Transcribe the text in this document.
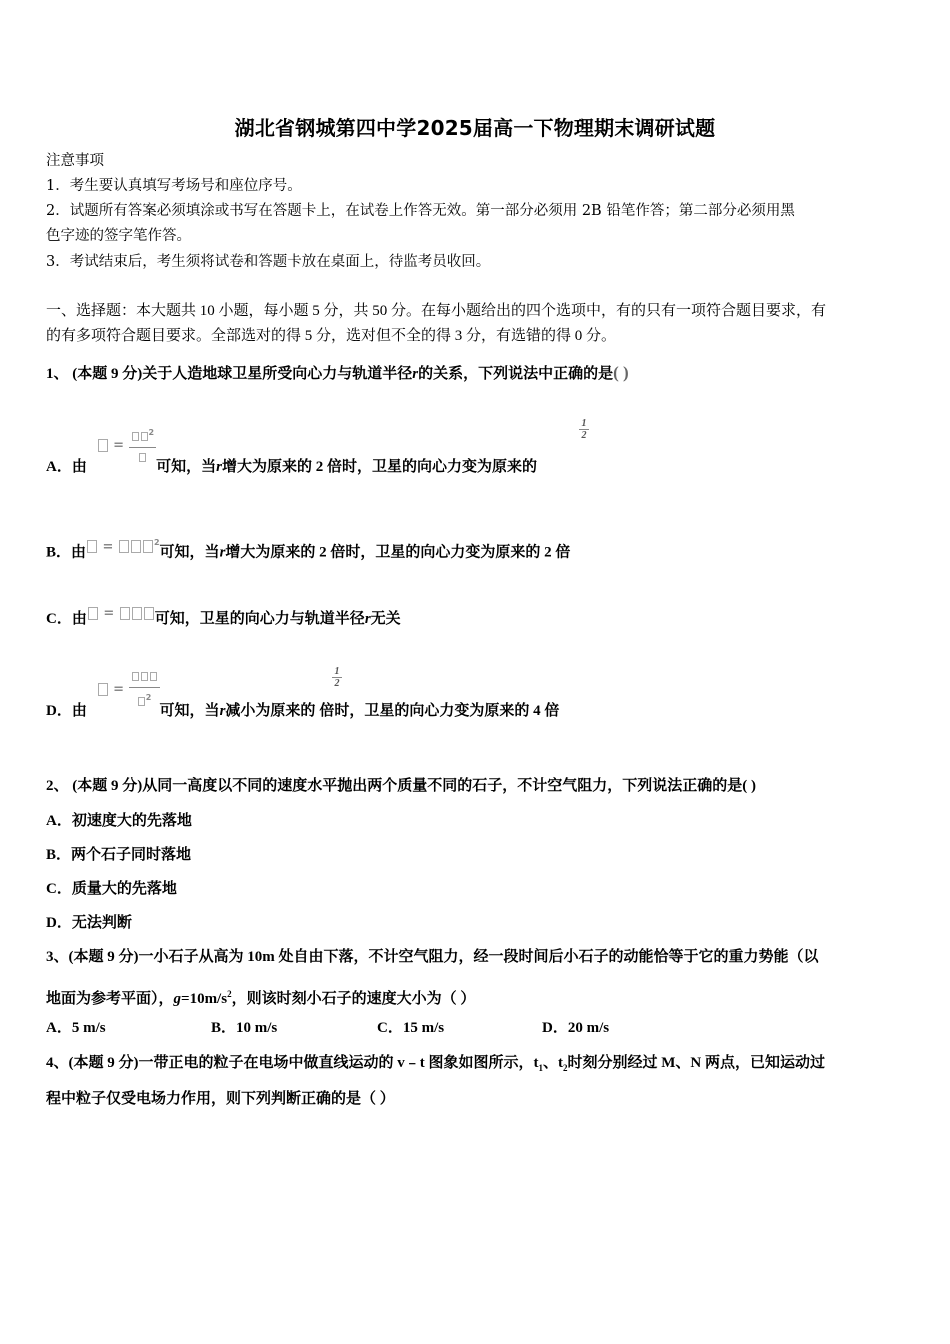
湖北省钢城第四中学2025届高一下物理期末调研试题
注意事项
1．考生要认真填写考场号和座位序号。
2．试题所有答案必须填涂或书写在答题卡上，在试卷上作答无效。第一部分必须用 2B 铅笔作答；第二部分必须用黑
色字迹的签字笔作答。
3．考试结束后，考生须将试卷和答题卡放在桌面上，待监考员收回。
一、选择题：本大题共 10 小题，每小题 5 分，共 50 分。在每小题给出的四个选项中，有的只有一项符合题目要求，有
的有多项符合题目要求。全部选对的得 5 分，选对但不全的得 3 分，有选错的得 0 分。
1、 (本题 9 分)关于人造地球卫星所受向心力与轨道半径r的关系，下列说法中正确的是( )
A．由  =
$^2$
可知，当r增大为原来的 2 倍时，卫星的向心力变为原来的
1
2
B．由 =	$^2$可知，当r增大为原来的 2 倍时，卫星的向心力变为原来的 2 倍
C．由 = 可知，卫星的向心力与轨道半径r无关
D．由  =
$^2$
可知，当r减小为原来的 倍时，卫星的向心力变为原来的 4 倍
1
2
2、 (本题 9 分)从同一高度以不同的速度水平抛出两个质量不同的石子，不计空气阻力，下列说法正确的是( )
A．初速度大的先落地
B．两个石子同时落地
C．质量大的先落地
D．无法判断
3、(本题 9 分)一小石子从高为 10m 处自由下落，不计空气阻力，经一段时间后小石子的动能恰等于它的重力势能（以
地面为参考平面），$g=10m/s^2$，则该时刻小石子的速度大小为（ ）
A．5 m/s	B．10 m/s	C．15 m/s	D．20 m/s
4、(本题 9 分)一带正电的粒子在电场中做直线运动的 v﹣t 图象如图所示，$t_1$、$t_2$时刻分别经过 M、N 两点，已知运动过
程中粒子仅受电场力作用，则下列判断正确的是（ ）
